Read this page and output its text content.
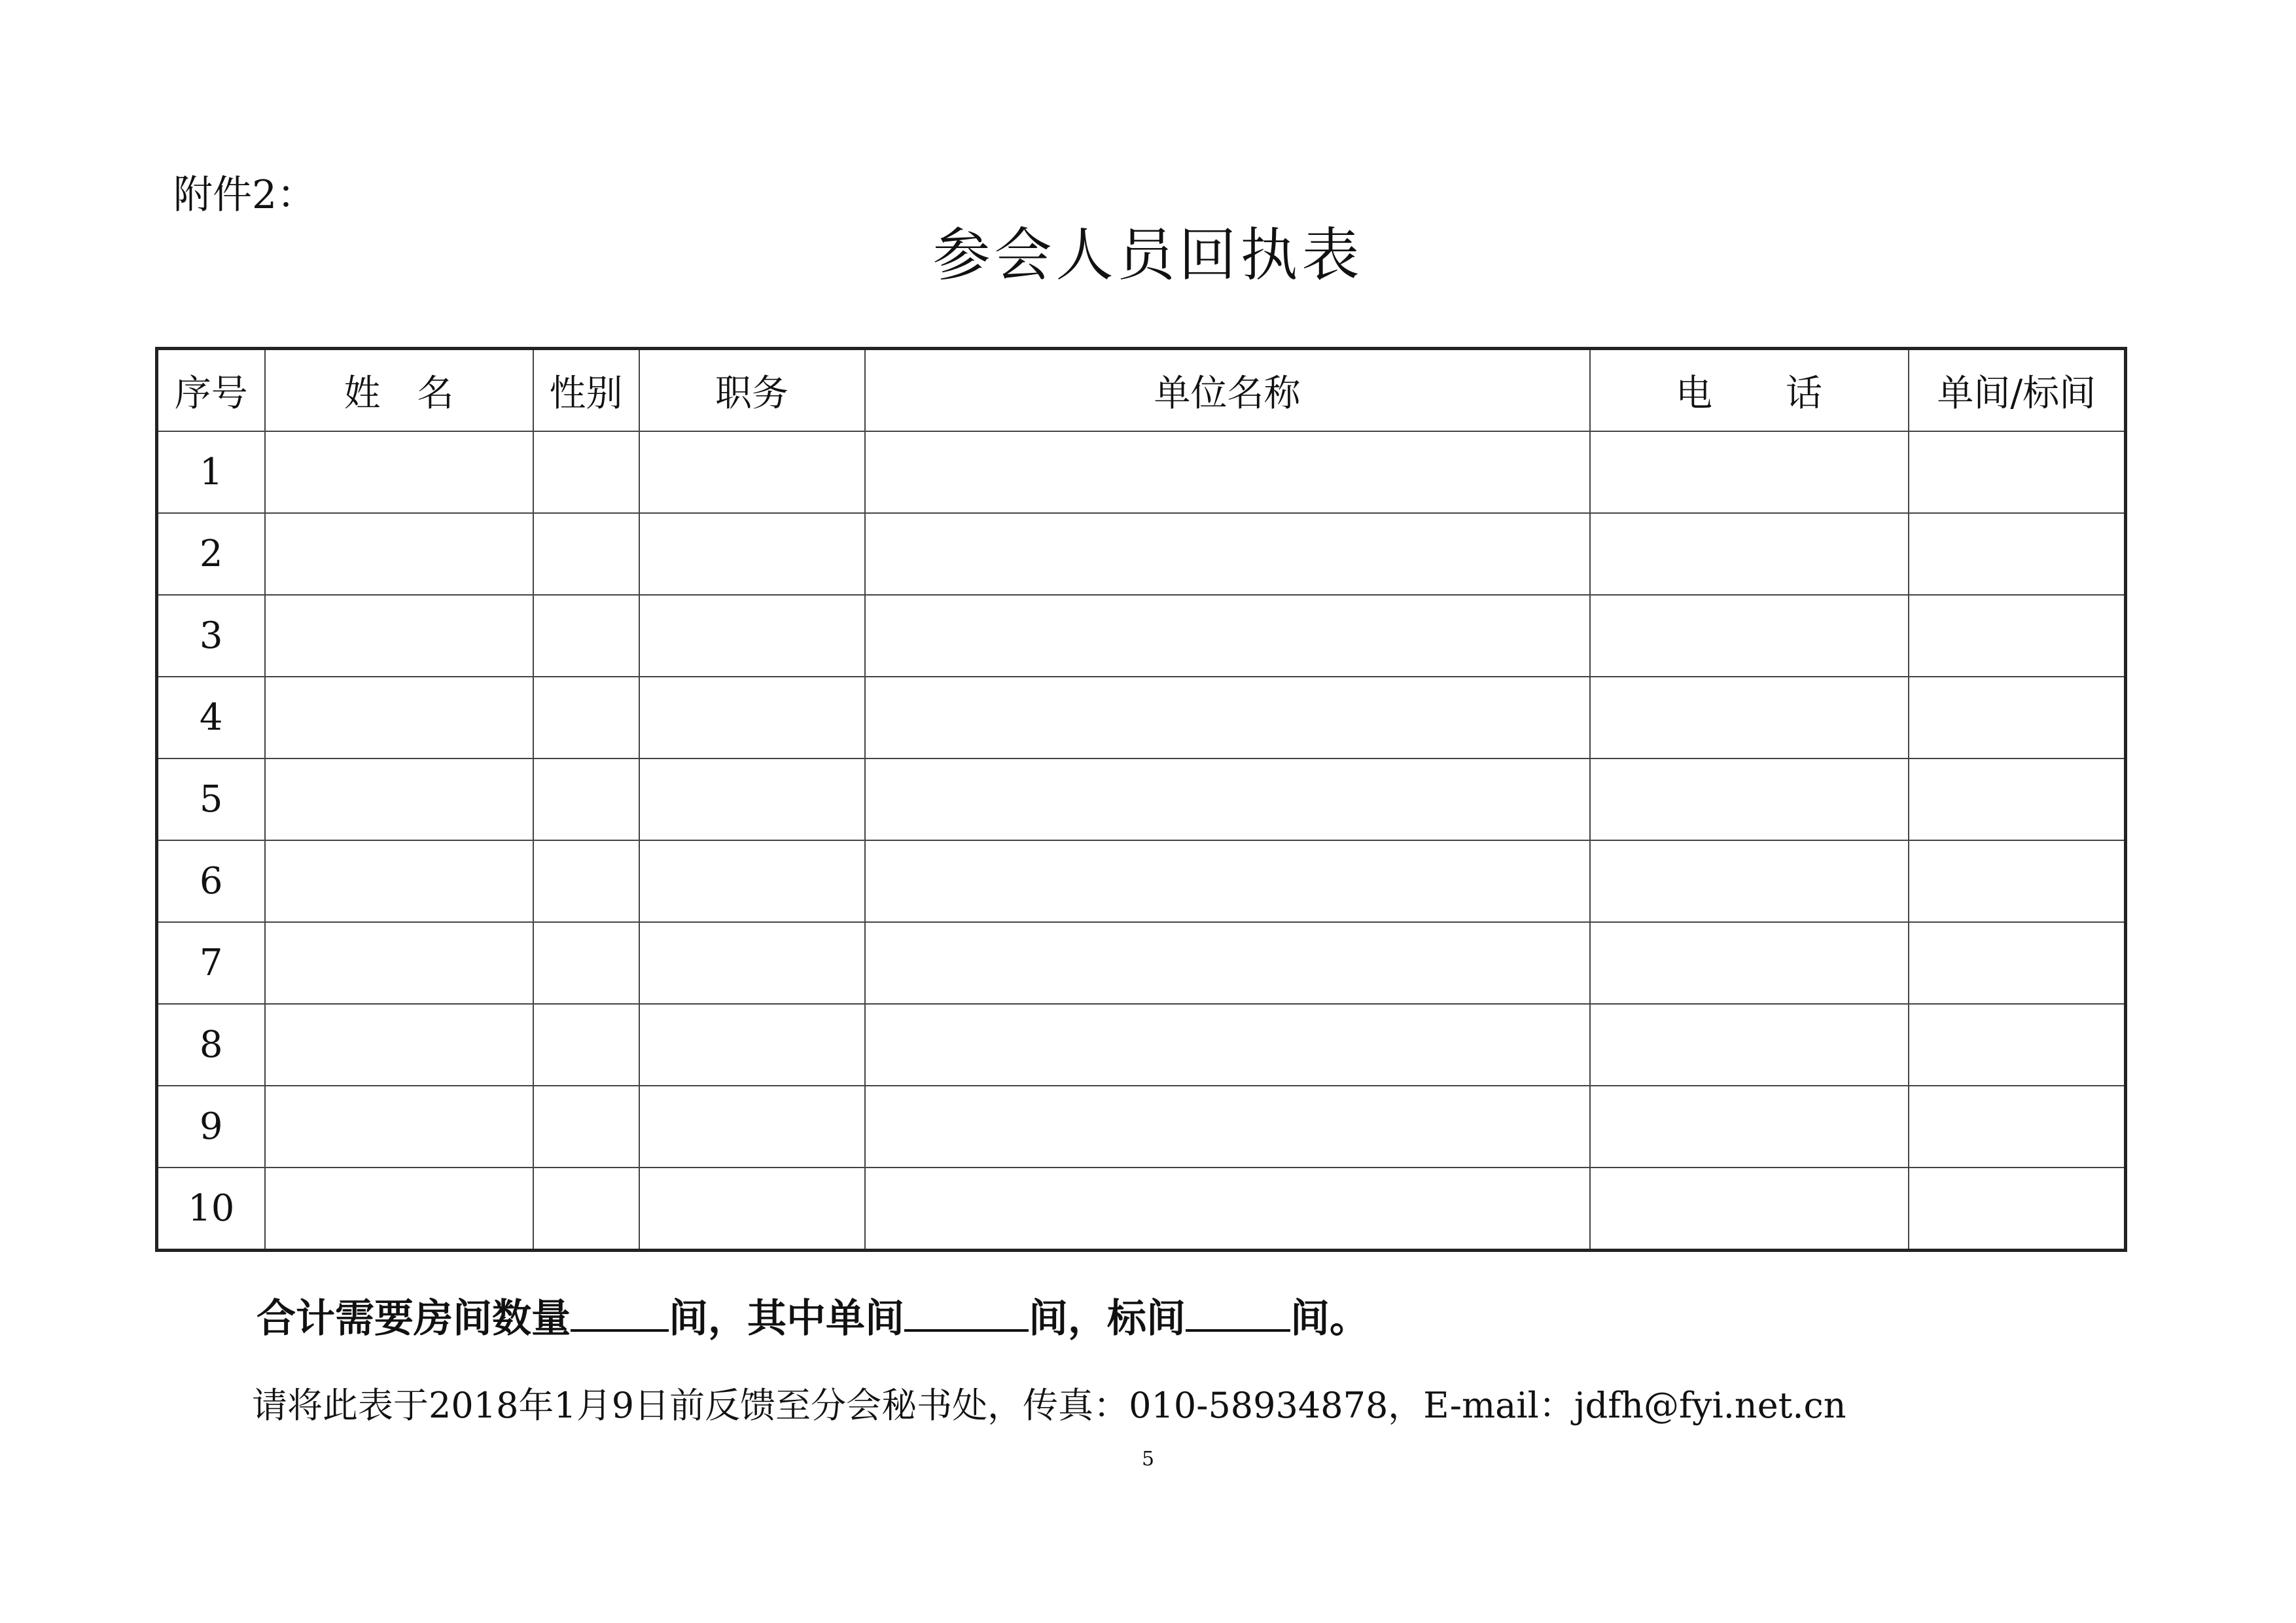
附件2：
参会人员回执表
序号	姓　名	性别	职务	单位名称	电　　话	单间/标间
1						
2						
3						
4						
5						
6						
7						
8						
9						
10						
合计需要房间数量	间，其中单间	间，标间	间。
请将此表于2018年1月9日前反馈至分会秘书处，传真：010-58934878，E-mail：jdfh@fyi.net.cn
5
